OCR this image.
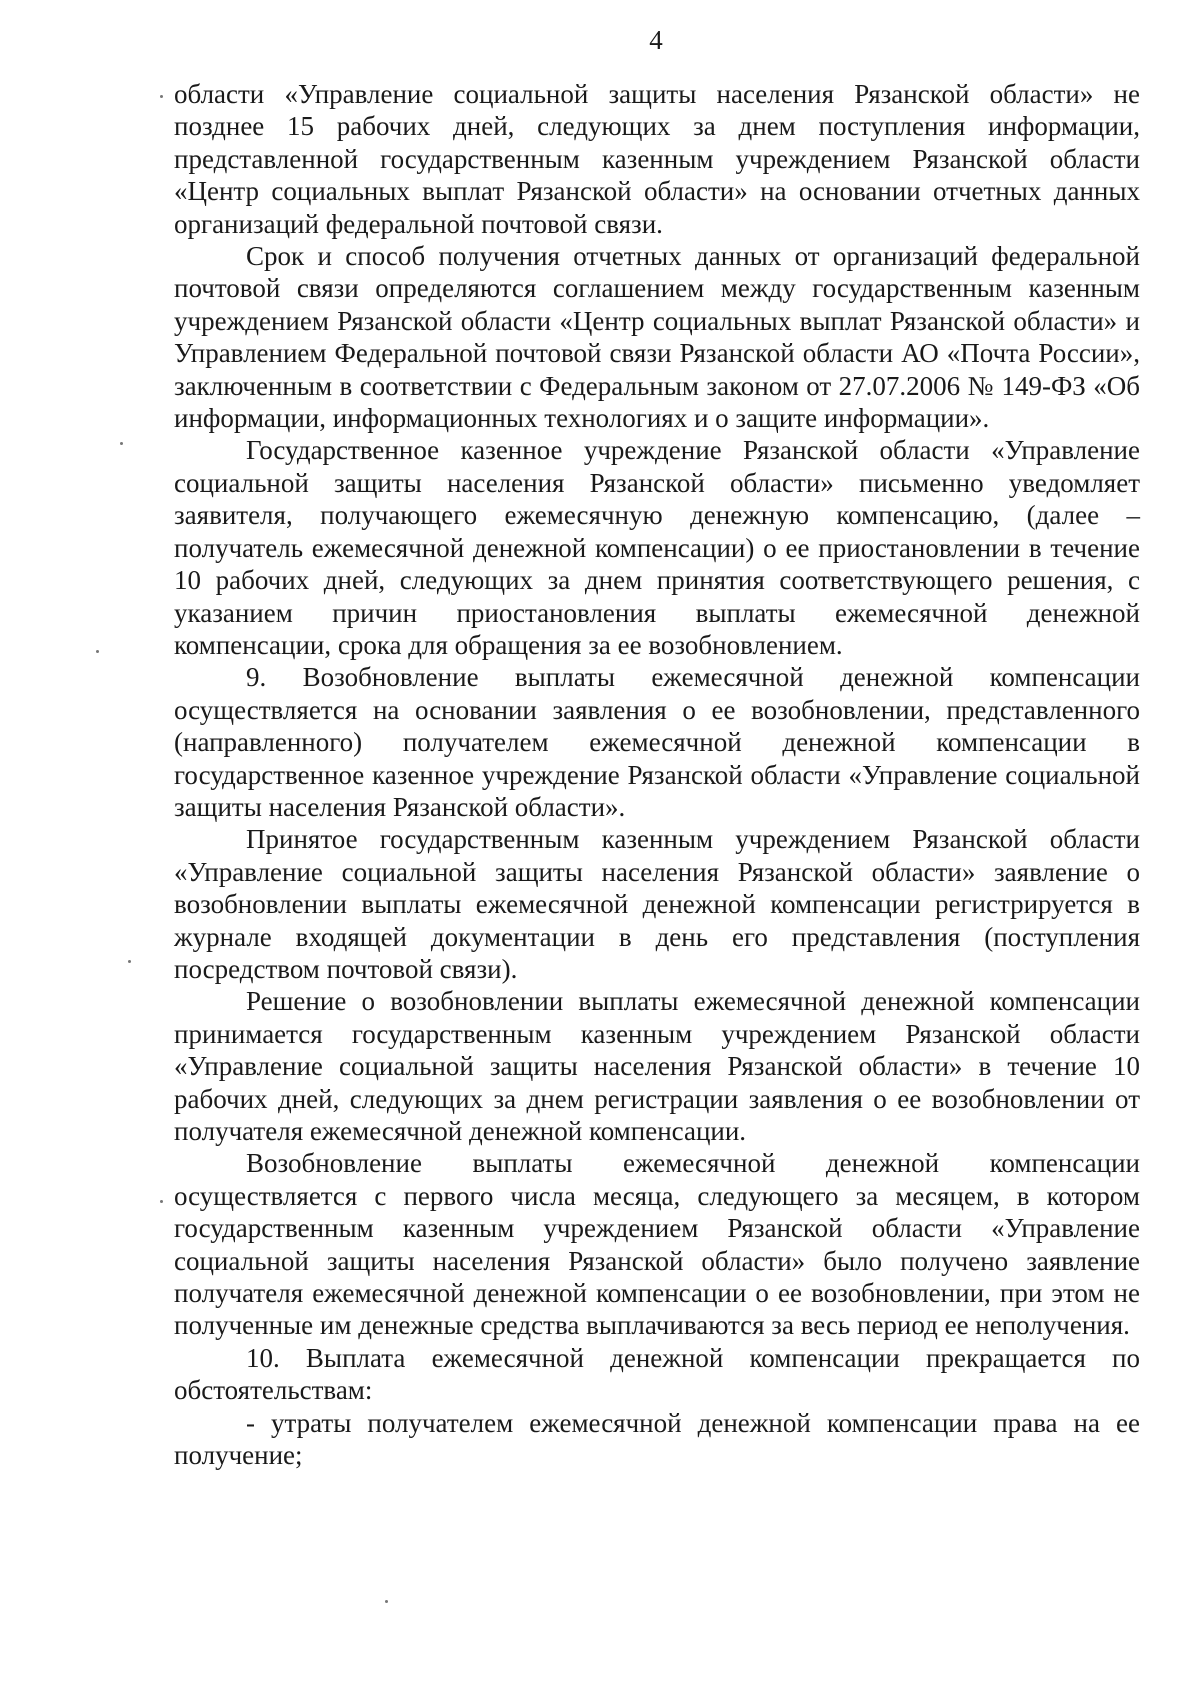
4

области «Управление социальной защиты населения Рязанской области» не позднее 15 рабочих дней, следующих за днем поступления информации, представленной государственным казенным учреждением Рязанской области «Центр социальных выплат Рязанской области» на основании отчетных данных организаций федеральной почтовой связи.

Срок и способ получения отчетных данных от организаций федеральной почтовой связи определяются соглашением между государственным казенным учреждением Рязанской области «Центр социальных выплат Рязанской области» и Управлением Федеральной почтовой связи Рязанской области АО «Почта России», заключенным в соответствии с Федеральным законом от 27.07.2006 № 149-ФЗ «Об информации, информационных технологиях и о защите информации».

Государственное казенное учреждение Рязанской области «Управление социальной защиты населения Рязанской области» письменно уведомляет заявителя, получающего ежемесячную денежную компенсацию, (далее – получатель ежемесячной денежной компенсации) о ее приостановлении в течение 10 рабочих дней, следующих за днем принятия соответствующего решения, с указанием причин приостановления выплаты ежемесячной денежной компенсации, срока для обращения за ее возобновлением.

9. Возобновление выплаты ежемесячной денежной компенсации осуществляется на основании заявления о ее возобновлении, представленного (направленного) получателем ежемесячной денежной компенсации в государственное казенное учреждение Рязанской области «Управление социальной защиты населения Рязанской области».

Принятое государственным казенным учреждением Рязанской области «Управление социальной защиты населения Рязанской области» заявление о возобновлении выплаты ежемесячной денежной компенсации регистрируется в журнале входящей документации в день его представления (поступления посредством почтовой связи).

Решение о возобновлении выплаты ежемесячной денежной компенсации принимается государственным казенным учреждением Рязанской области «Управление социальной защиты населения Рязанской области» в течение 10 рабочих дней, следующих за днем регистрации заявления о ее возобновлении от получателя ежемесячной денежной компенсации.

Возобновление выплаты ежемесячной денежной компенсации осуществляется с первого числа месяца, следующего за месяцем, в котором государственным казенным учреждением Рязанской области «Управление социальной защиты населения Рязанской области» было получено заявление получателя ежемесячной денежной компенсации о ее возобновлении, при этом не полученные им денежные средства выплачиваются за весь период ее неполучения.

10. Выплата ежемесячной денежной компенсации прекращается по обстоятельствам:

- утраты получателем ежемесячной денежной компенсации права на ее получение;
